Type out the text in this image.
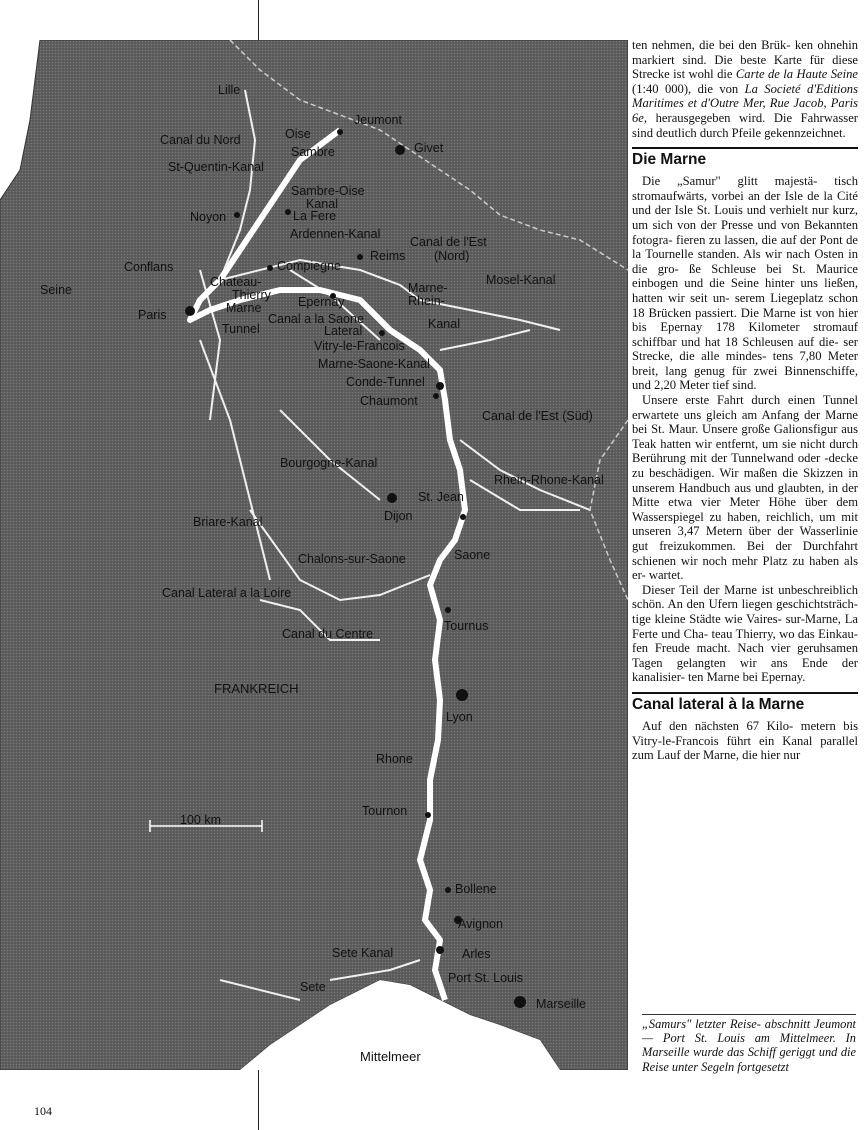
Lille
Jeumont
Canal du Nord	Oise
Givet
Sambre
St-Quentin-Kanal
Sambre-Oise
Kanal
Noyon	La Fere
Ardennen-Kanal
Canal de l'Est
(Nord)
Conflans	Compiegne
Reims
Mosel-Kanal
Chateau-
Thierry
Seine
Marne	Epernay
Marne-
Rhein-
Kanal
Paris
Tunnel
Canal a la Saone
Lateral
Vitry-le-Francois
Marne-Saone-Kanal
Conde-Tunnel
Chaumont
Canal de l'Est (Süd)
Bourgogne-Kanal
Rhein-Rhone-Kanal
St. Jean
Dijon
Briare-Kanal
Chalons-sur-Saone	Saone
Canal Lateral a la Loire
Tournus
Canal du Centre
FRANKREICH
Lyon
Rhone
100 km
Tournon
Bollene
Avignon
Sete Kanal	Arles
Port St. Louis
Sete
Marseille
Mittelmeer

ten nehmen, die bei den Brük- ken ohnehin markiert sind. Die beste Karte für diese Strecke ist wohl die Carte de la Haute Seine (1:40 000), die von La Societé d'Editions Maritimes et d'Outre Mer, Rue Jacob, Paris 6e, herausgegeben wird. Die Fahrwasser sind deutlich durch Pfeile gekennzeichnet.

Die Marne

Die „Samur" glitt majestä- tisch stromaufwärts, vorbei an der Isle de la Cité und der Isle St. Louis und verhielt nur kurz, um sich von der Presse und von Bekannten fotogra- fieren zu lassen, die auf der Pont de la Tournelle standen. Als wir nach Osten in die gro- ße Schleuse bei St. Maurice einbogen und die Seine hinter uns ließen, hatten wir seit un- serem Liegeplatz schon 18 Brücken passiert. Die Marne ist von hier bis Epernay 178 Kilometer stromauf schiffbar und hat 18 Schleusen auf die- ser Strecke, die alle mindes- tens 7,80 Meter breit, lang genug für zwei Binnenschiffe, und 2,20 Meter tief sind.

Unsere erste Fahrt durch einen Tunnel erwartete uns gleich am Anfang der Marne bei St. Maur. Unsere große Galionsfigur aus Teak hatten wir entfernt, um sie nicht durch Berührung mit der Tunnelwand oder -decke zu beschädigen. Wir maßen die Skizzen in unserem Handbuch aus und glaubten, in der Mitte etwa vier Meter Höhe über dem Wasserspiegel zu haben, reichlich, um mit unseren 3,47 Metern über der Wasserlinie gut freizukommen. Bei der Durchfahrt schienen wir noch mehr Platz zu haben als er- wartet.

Dieser Teil der Marne ist unbeschreiblich schön. An den Ufern liegen geschichtsträch- tige kleine Städte wie Vaires- sur-Marne, La Ferte und Cha- teau Thierry, wo das Einkau- fen Freude macht. Nach vier geruhsamen Tagen gelangten wir ans Ende der kanalisier- ten Marne bei Epernay.

Canal lateral à la Marne

Auf den nächsten 67 Kilo- metern bis Vitry-le-Francois führt ein Kanal parallel zum Lauf der Marne, die hier nur

„Samurs" letzter Reise- abschnitt Jeumont — Port St. Louis am Mittelmeer. In Marseille wurde das Schiff geriggt und die Reise unter Segeln fortgesetzt
104
